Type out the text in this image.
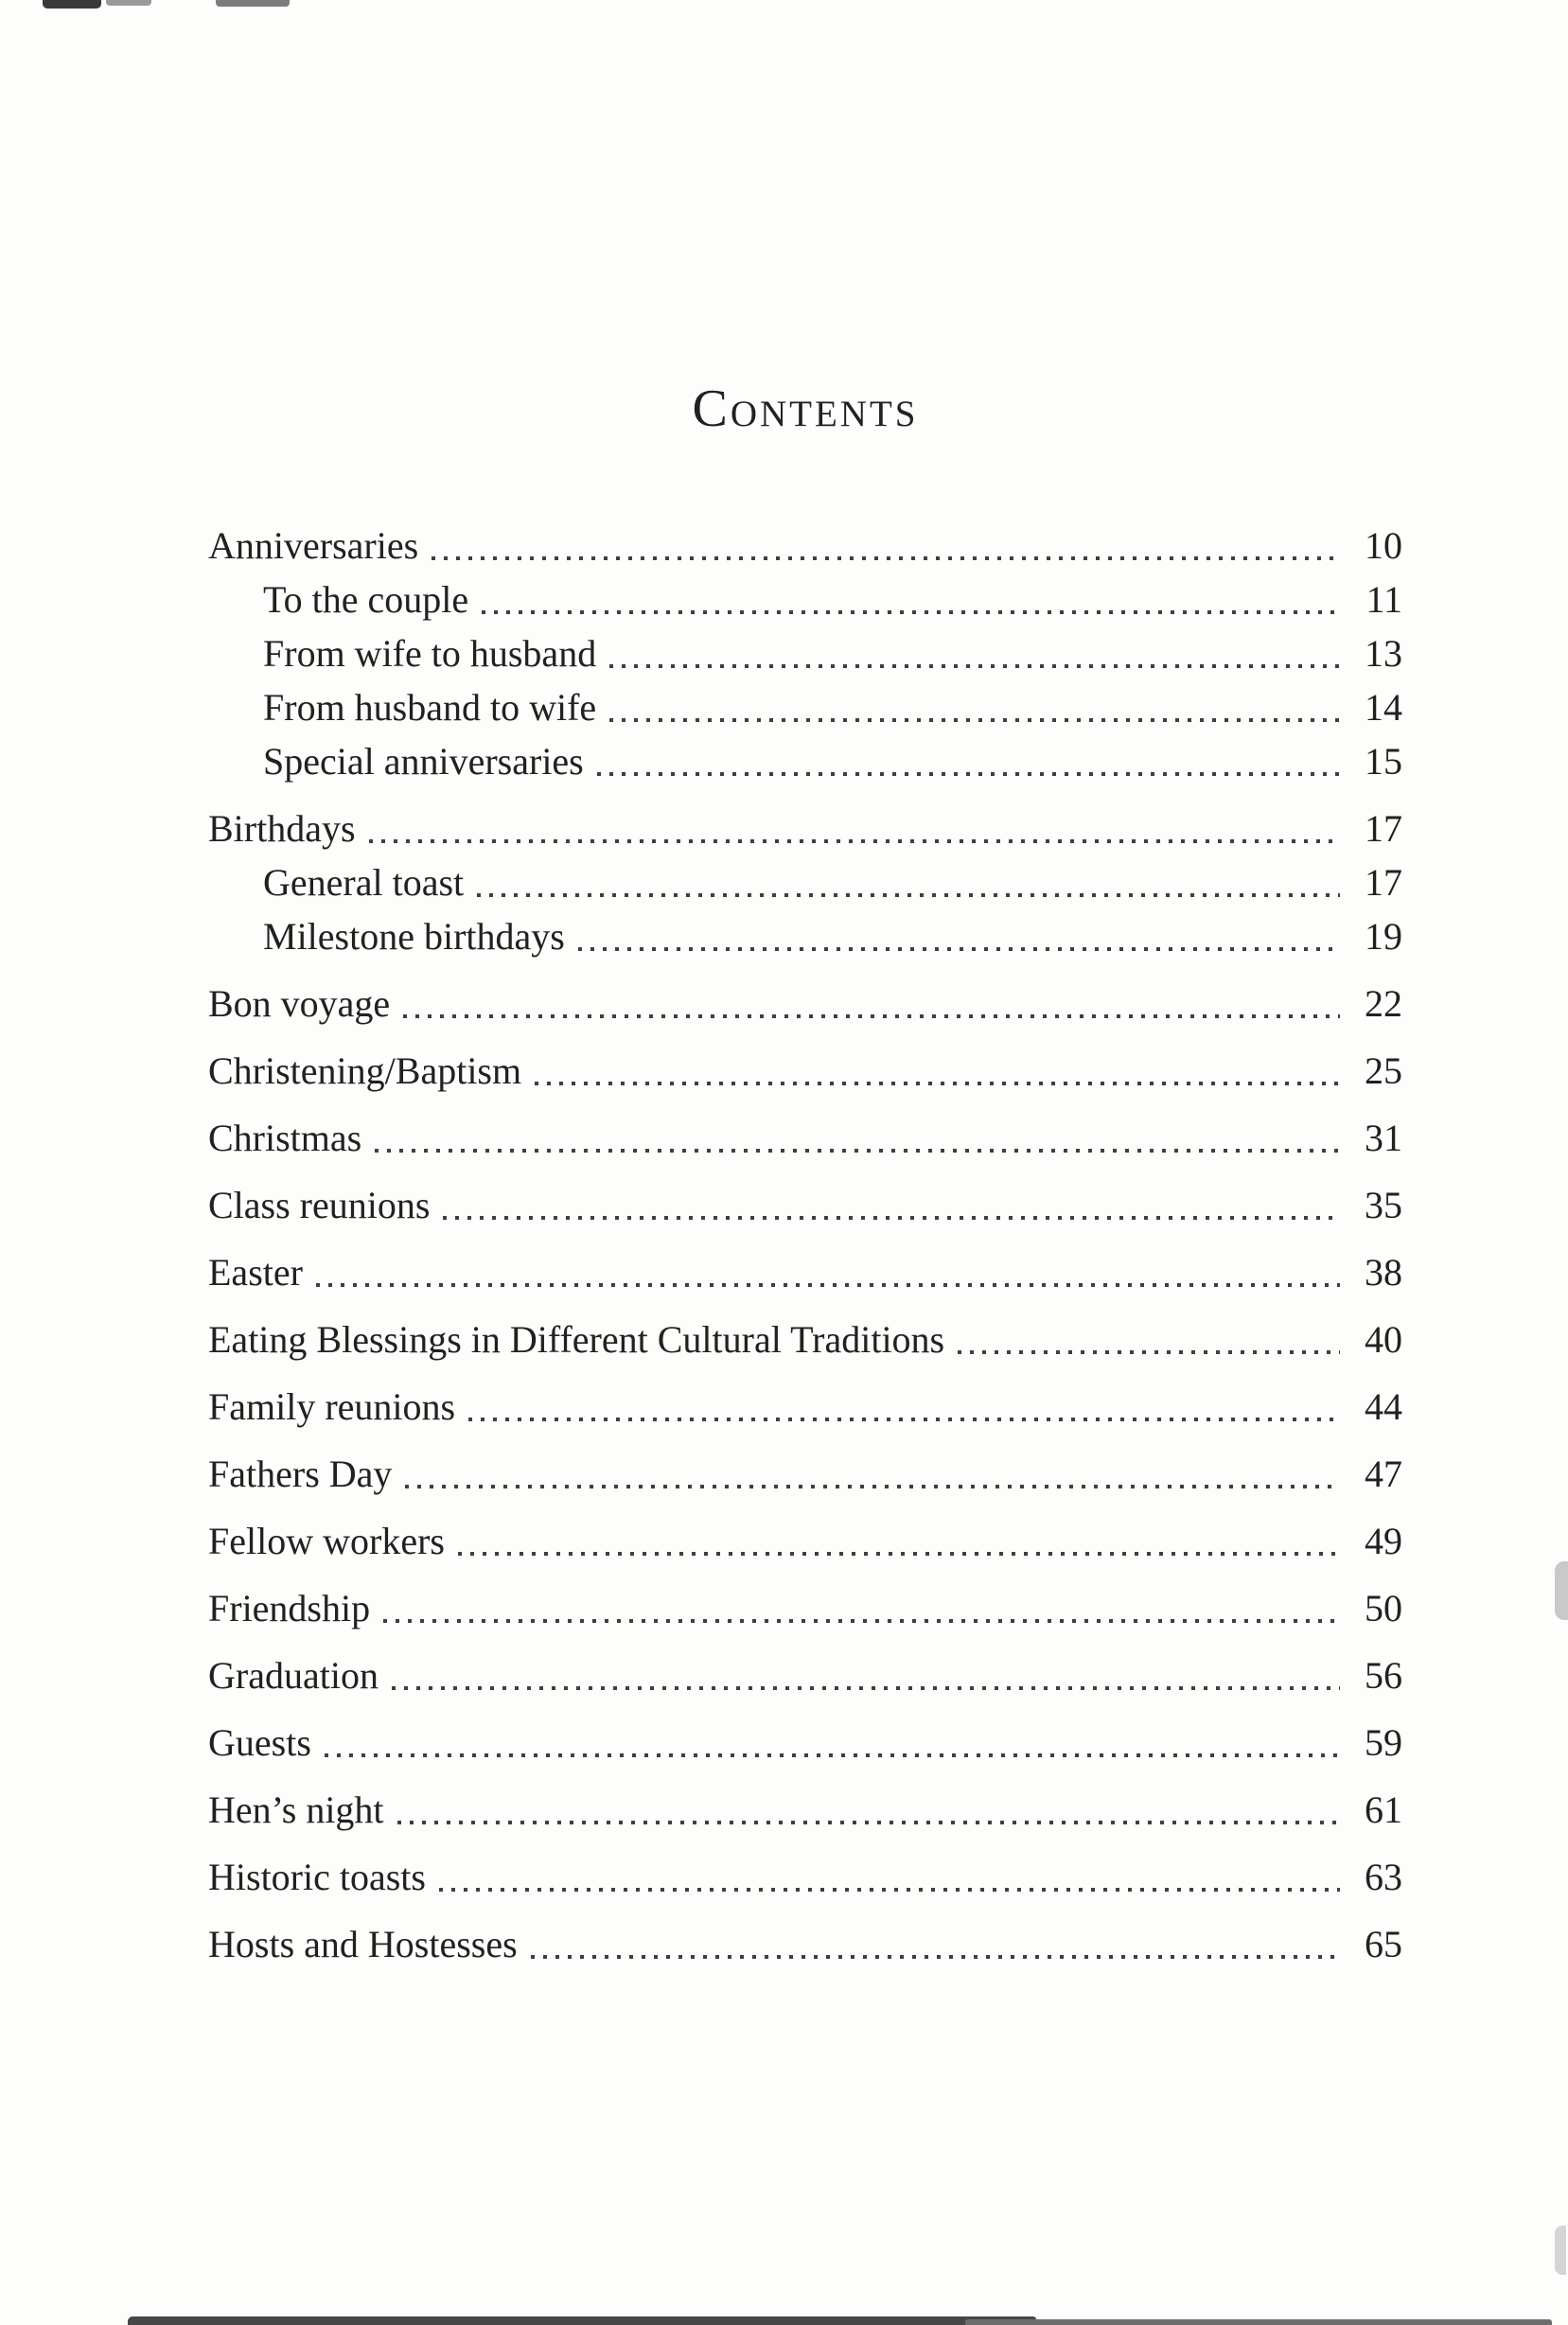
Contents
Anniversaries	10
To the couple	11
From wife to husband	13
From husband to wife	14
Special anniversaries	15
Birthdays	17
General toast	17
Milestone birthdays	19
Bon voyage	22
Christening/Baptism	25
Christmas	31
Class reunions	35
Easter	38
Eating Blessings in Different Cultural Traditions	40
Family reunions	44
Fathers Day	47
Fellow workers	49
Friendship	50
Graduation	56
Guests	59
Hen’s night	61
Historic toasts	63
Hosts and Hostesses	65
